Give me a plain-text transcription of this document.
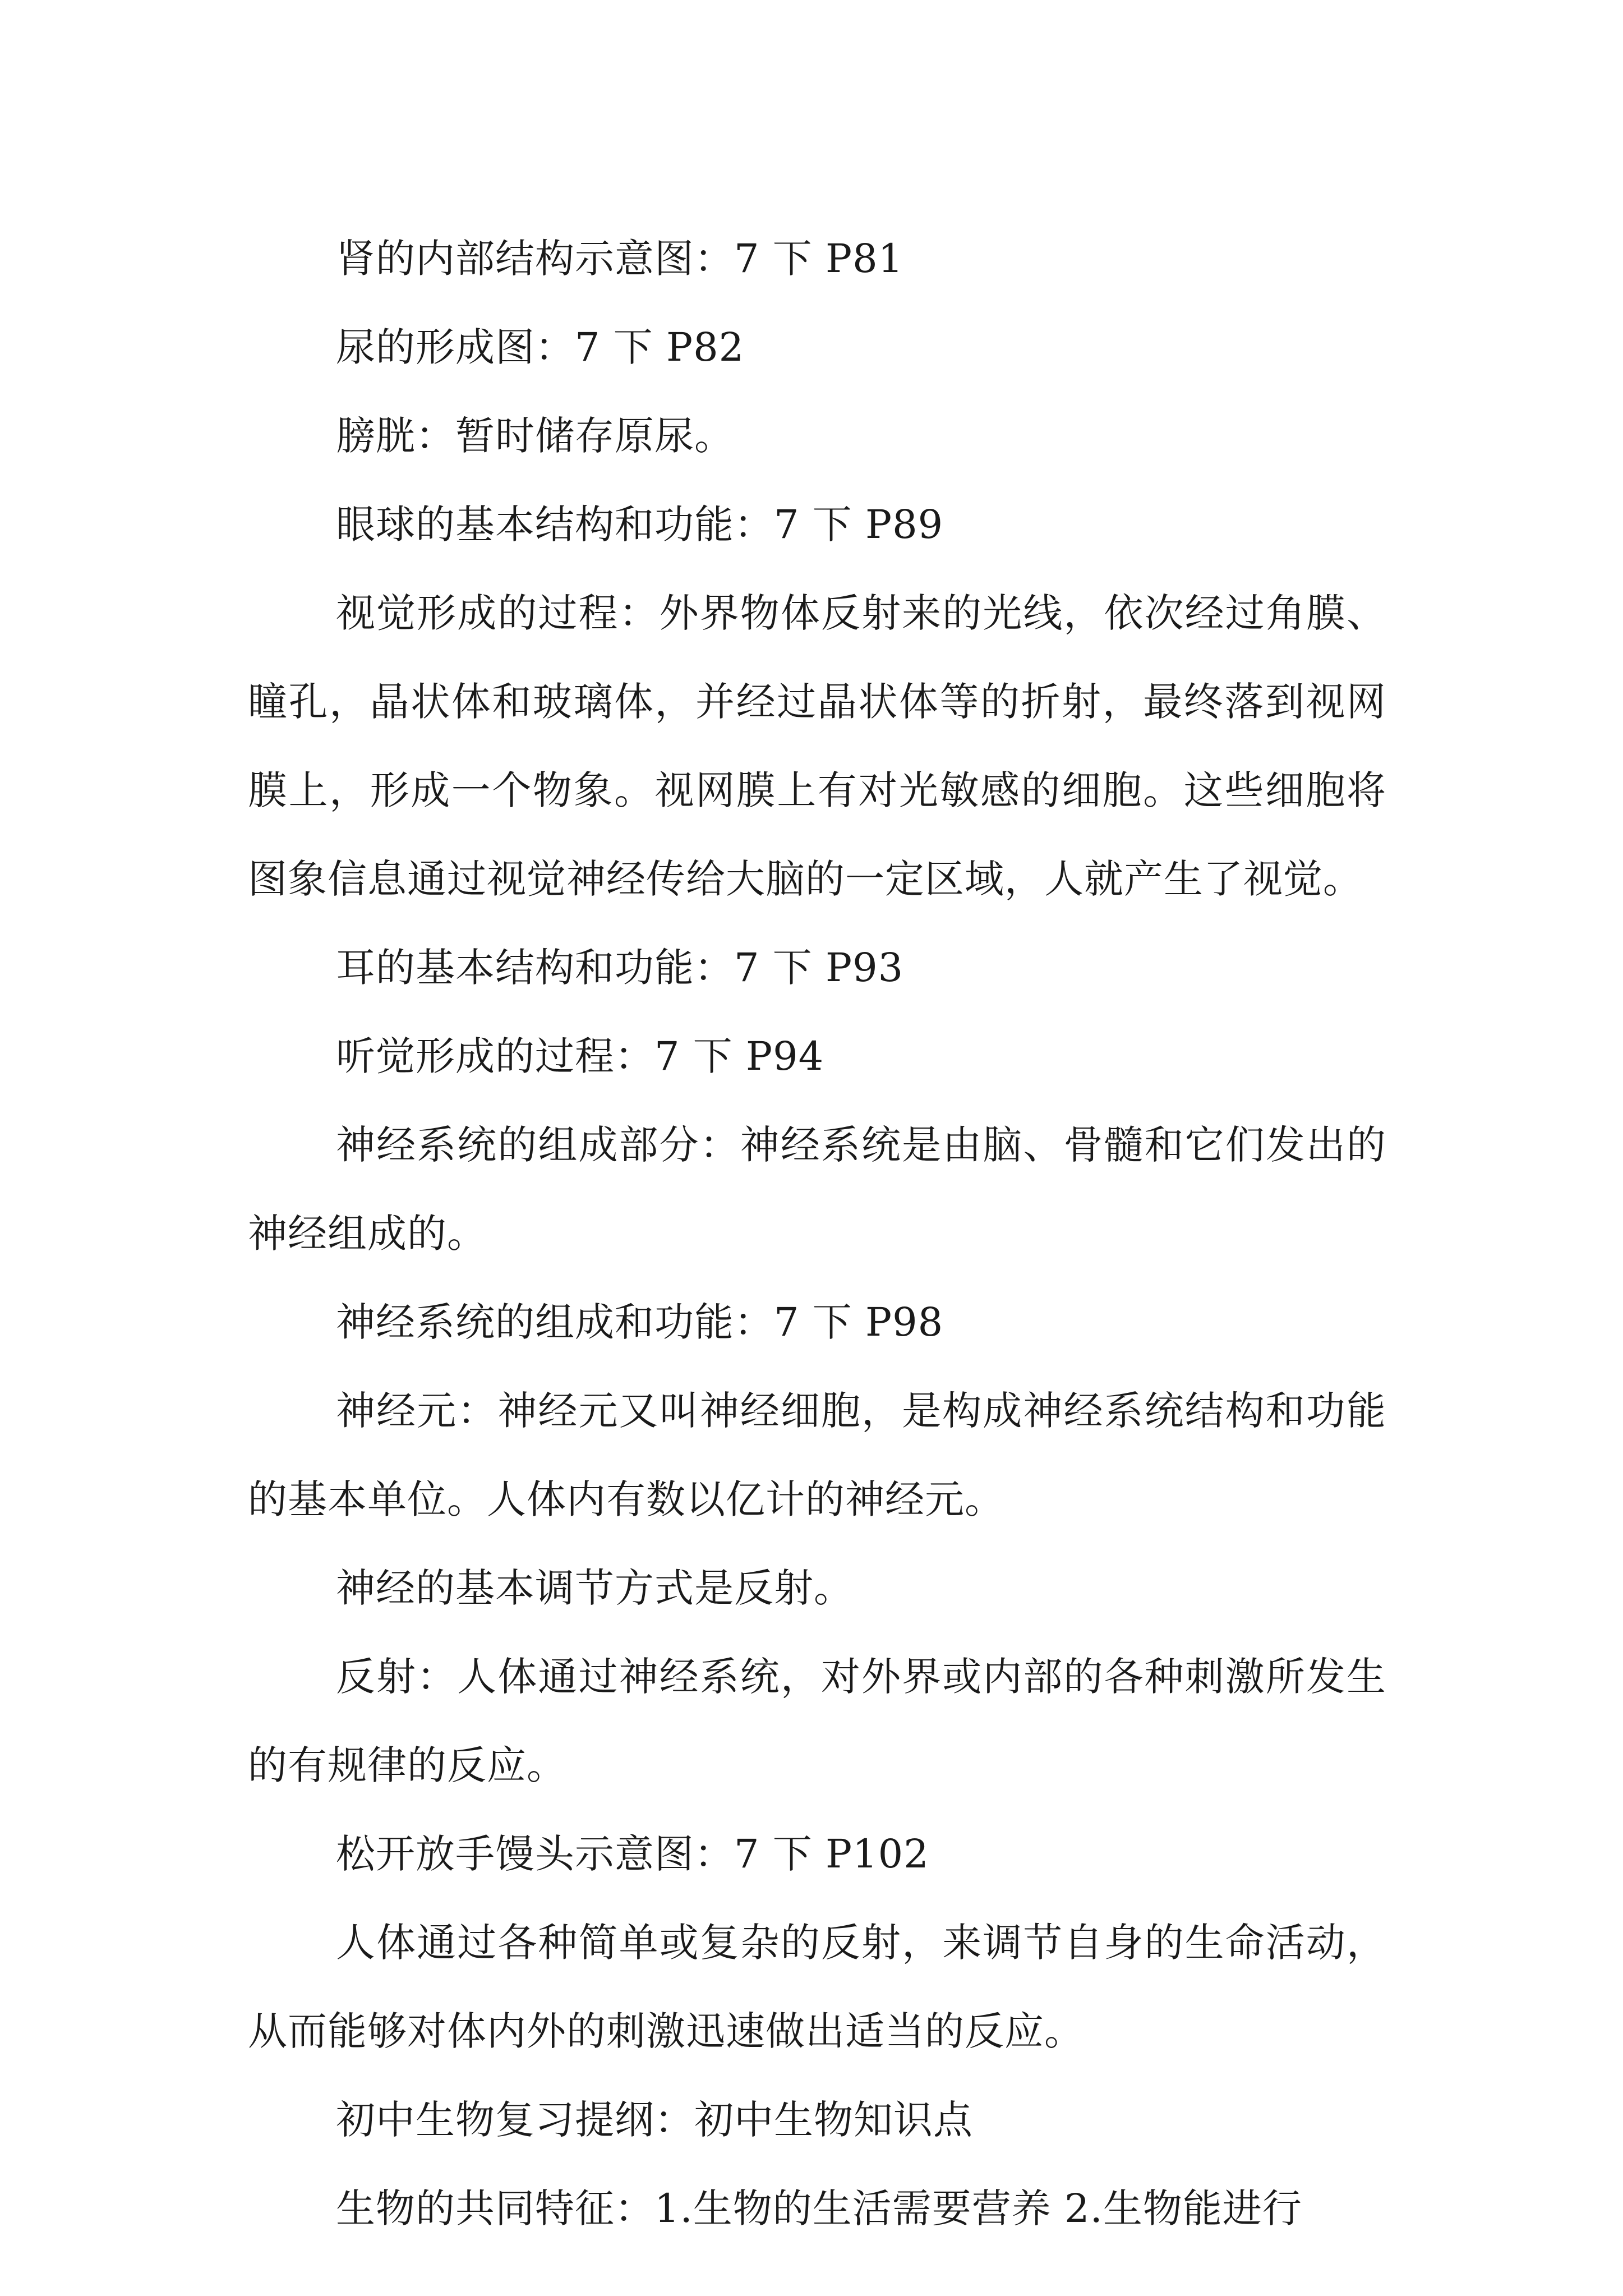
肾的内部结构示意图：7 下 P81

尿的形成图：7 下 P82

膀胱：暂时储存原尿。

眼球的基本结构和功能：7 下 P89

视觉形成的过程：外界物体反射来的光线，依次经过角膜、瞳孔，晶状体和玻璃体，并经过晶状体等的折射，最终落到视网膜上，形成一个物象。视网膜上有对光敏感的细胞。这些细胞将图象信息通过视觉神经传给大脑的一定区域，人就产生了视觉。

耳的基本结构和功能：7 下 P93

听觉形成的过程：7 下 P94

神经系统的组成部分：神经系统是由脑、骨髓和它们发出的神经组成的。

神经系统的组成和功能：7 下 P98

神经元：神经元又叫神经细胞，是构成神经系统结构和功能的基本单位。人体内有数以亿计的神经元。

神经的基本调节方式是反射。

反射：人体通过神经系统，对外界或内部的各种刺激所发生的有规律的反应。

松开放手馒头示意图：7 下 P102

人体通过各种简单或复杂的反射，来调节自身的生命活动，从而能够对体内外的刺激迅速做出适当的反应。

初中生物复习提纲：初中生物知识点

生物的共同特征：1.生物的生活需要营养 2.生物能进行
